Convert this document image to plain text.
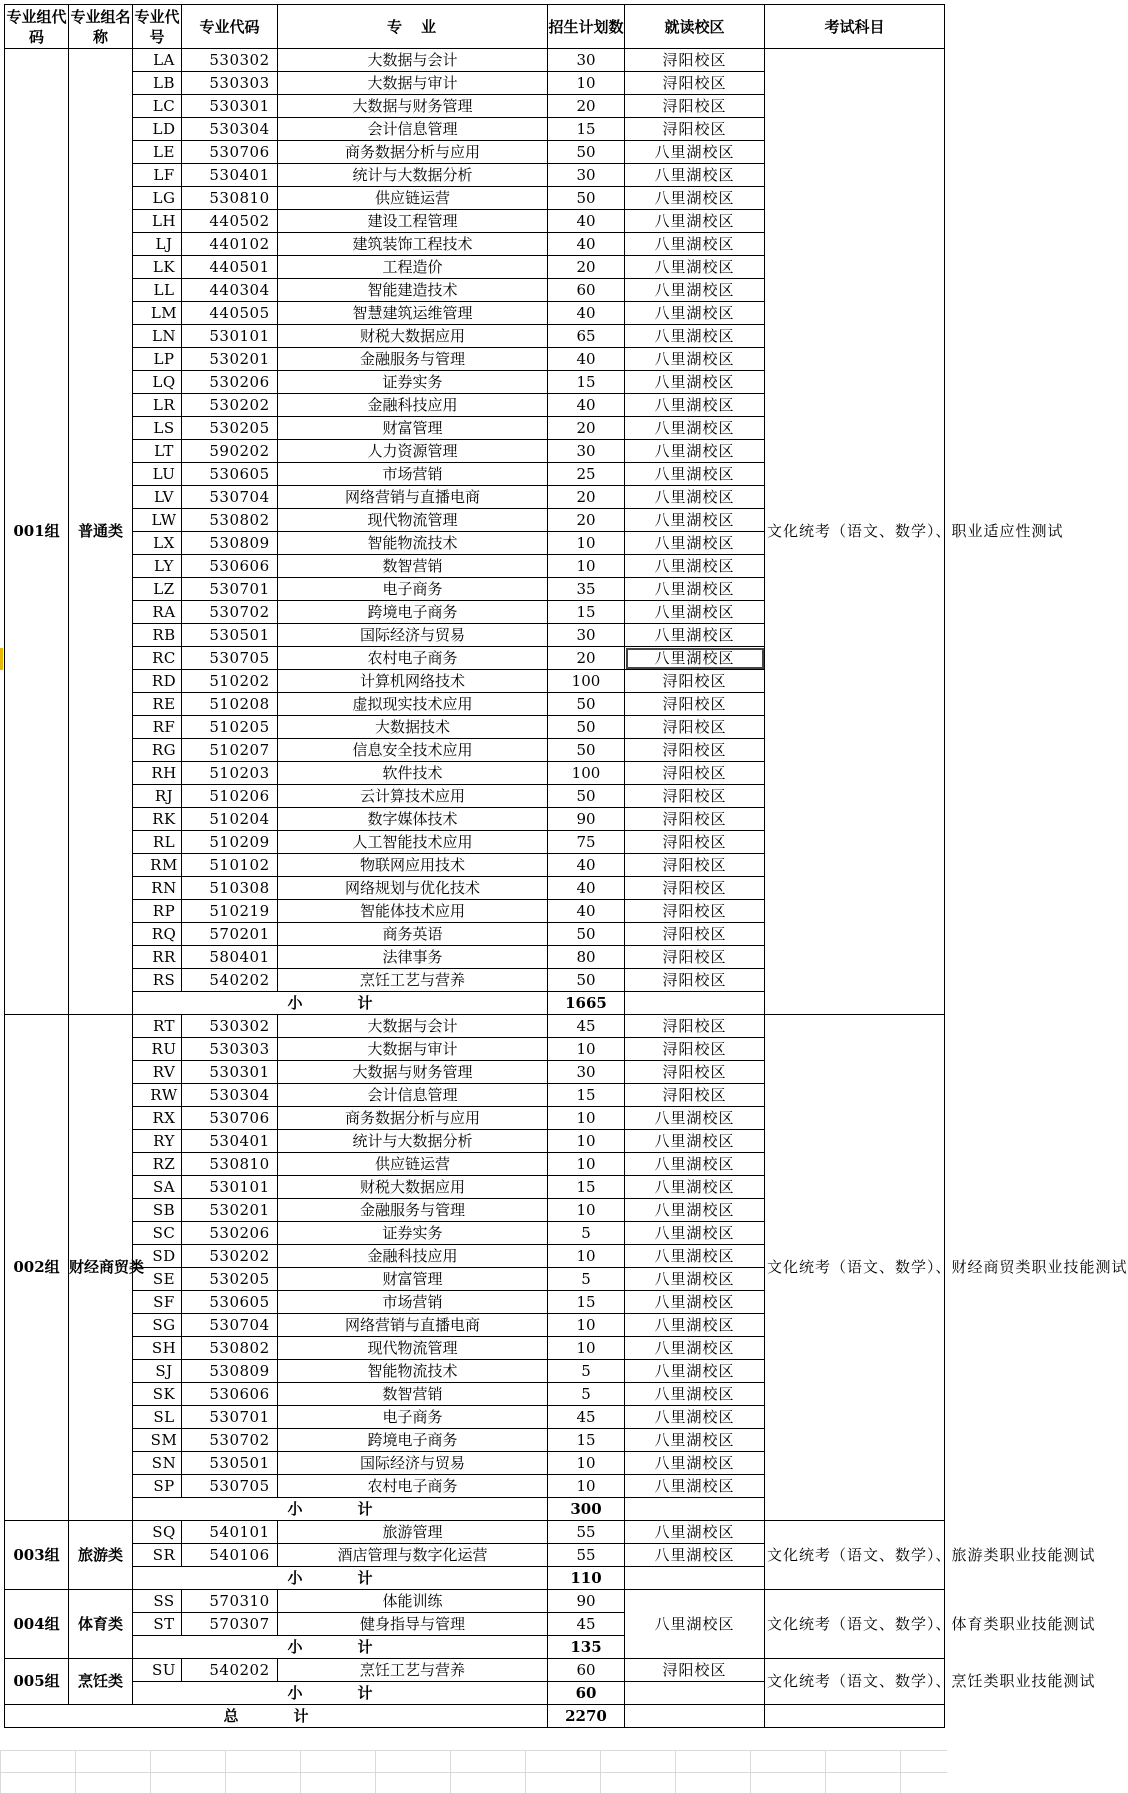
专业组代码	专业组名称	专业代号	专业代码	专　业	招生计划数	就读校区	考试科目
001组	普通类	LA	530302	大数据与会计	30	浔阳校区	文化统考（语文、数学）、职业适应性测试
		LB	530303	大数据与审计	10	浔阳校区	
		LC	530301	大数据与财务管理	20	浔阳校区	
		LD	530304	会计信息管理	15	浔阳校区	
		LE	530706	商务数据分析与应用	50	八里湖校区	
		LF	530401	统计与大数据分析	30	八里湖校区	
		LG	530810	供应链运营	50	八里湖校区	
		LH	440502	建设工程管理	40	八里湖校区	
		LJ	440102	建筑装饰工程技术	40	八里湖校区	
		LK	440501	工程造价	20	八里湖校区	
		LL	440304	智能建造技术	60	八里湖校区	
		LM	440505	智慧建筑运维管理	40	八里湖校区	
		LN	530101	财税大数据应用	65	八里湖校区	
		LP	530201	金融服务与管理	40	八里湖校区	
		LQ	530206	证券实务	15	八里湖校区	
		LR	530202	金融科技应用	40	八里湖校区	
		LS	530205	财富管理	20	八里湖校区	
		LT	590202	人力资源管理	30	八里湖校区	
		LU	530605	市场营销	25	八里湖校区	
		LV	530704	网络营销与直播电商	20	八里湖校区	
		LW	530802	现代物流管理	20	八里湖校区	
		LX	530809	智能物流技术	10	八里湖校区	
		LY	530606	数智营销	10	八里湖校区	
		LZ	530701	电子商务	35	八里湖校区	
		RA	530702	跨境电子商务	15	八里湖校区	
		RB	530501	国际经济与贸易	30	八里湖校区	
		RC	530705	农村电子商务	20	八里湖校区	
		RD	510202	计算机网络技术	100	浔阳校区	
		RE	510208	虚拟现实技术应用	50	浔阳校区	
		RF	510205	大数据技术	50	浔阳校区	
		RG	510207	信息安全技术应用	50	浔阳校区	
		RH	510203	软件技术	100	浔阳校区	
		RJ	510206	云计算技术应用	50	浔阳校区	
		RK	510204	数字媒体技术	90	浔阳校区	
		RL	510209	人工智能技术应用	75	浔阳校区	
		RM	510102	物联网应用技术	40	浔阳校区	
		RN	510308	网络规划与优化技术	40	浔阳校区	
		RP	510219	智能体技术应用	40	浔阳校区	
		RQ	570201	商务英语	50	浔阳校区	
		RR	580401	法律事务	80	浔阳校区	
		RS	540202	烹饪工艺与营养	50	浔阳校区	
		小　计			1665		
002组	财经商贸类	RT	530302	大数据与会计	45	浔阳校区	文化统考（语文、数学）、财经商贸类职业技能测试
		RU	530303	大数据与审计	10	浔阳校区	
		RV	530301	大数据与财务管理	30	浔阳校区	
		RW	530304	会计信息管理	15	浔阳校区	
		RX	530706	商务数据分析与应用	10	八里湖校区	
		RY	530401	统计与大数据分析	10	八里湖校区	
		RZ	530810	供应链运营	10	八里湖校区	
		SA	530101	财税大数据应用	15	八里湖校区	
		SB	530201	金融服务与管理	10	八里湖校区	
		SC	530206	证券实务	5	八里湖校区	
		SD	530202	金融科技应用	10	八里湖校区	
		SE	530205	财富管理	5	八里湖校区	
		SF	530605	市场营销	15	八里湖校区	
		SG	530704	网络营销与直播电商	10	八里湖校区	
		SH	530802	现代物流管理	10	八里湖校区	
		SJ	530809	智能物流技术	5	八里湖校区	
		SK	530606	数智营销	5	八里湖校区	
		SL	530701	电子商务	45	八里湖校区	
		SM	530702	跨境电子商务	15	八里湖校区	
		SN	530501	国际经济与贸易	10	八里湖校区	
		SP	530705	农村电子商务	10	八里湖校区	
		小　计			300		
003组	旅游类	SQ	540101	旅游管理	55	八里湖校区	文化统考（语文、数学）、旅游类职业技能测试
		SR	540106	酒店管理与数字化运营	55	八里湖校区	
		小　计			110		
004组	体育类	SS	570310	体能训练	90	八里湖校区	文化统考（语文、数学）、体育类职业技能测试
		ST	570307	健身指导与管理	45		
		小　计			135		
005组	烹饪类	SU	540202	烹饪工艺与营养	60	浔阳校区	文化统考（语文、数学）、烹饪类职业技能测试
		小　计			60		
总　计					2270		
